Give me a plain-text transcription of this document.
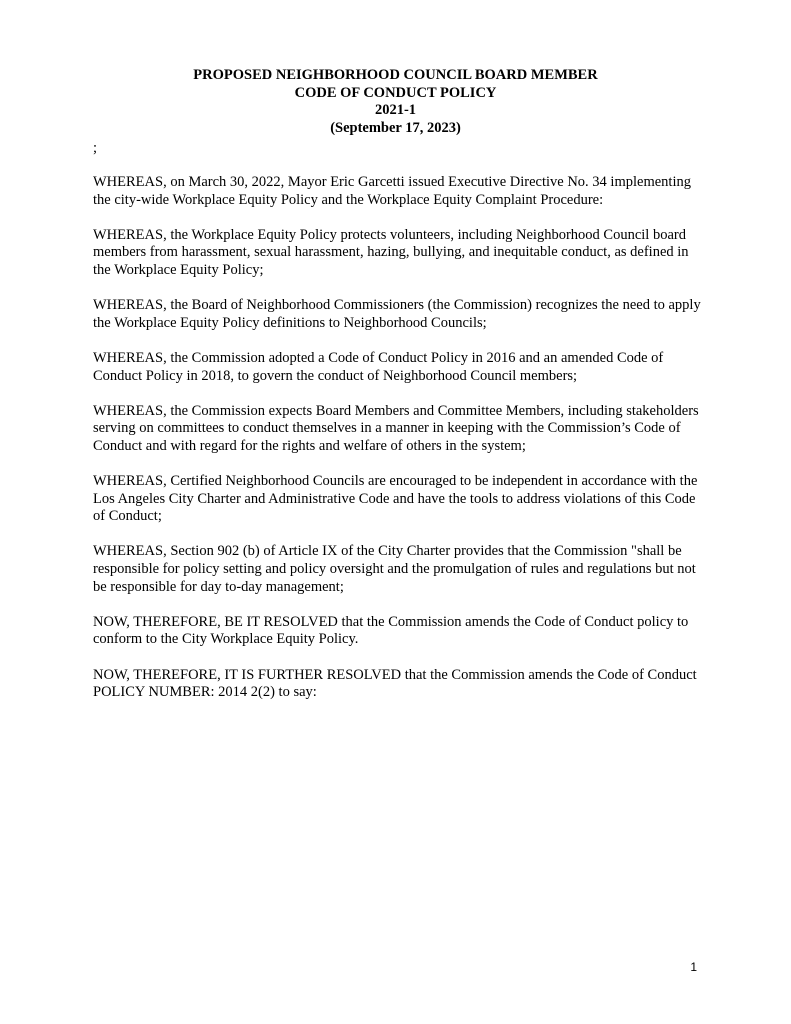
PROPOSED NEIGHBORHOOD COUNCIL BOARD MEMBER
CODE OF CONDUCT POLICY
2021-1
(September 17, 2023)
;

WHEREAS, on March 30, 2022, Mayor Eric Garcetti issued Executive Directive No. 34 implementing the city-wide Workplace Equity Policy and the Workplace Equity Complaint Procedure:

WHEREAS, the Workplace Equity Policy protects volunteers, including Neighborhood Council board members from harassment, sexual harassment, hazing, bullying, and inequitable conduct, as defined in the Workplace Equity Policy;

WHEREAS, the Board of Neighborhood Commissioners (the Commission) recognizes the need to apply the Workplace Equity Policy definitions to Neighborhood Councils;

WHEREAS, the Commission adopted a Code of Conduct Policy in 2016 and an amended Code of Conduct Policy in 2018, to govern the conduct of Neighborhood Council members;

WHEREAS, the Commission expects Board Members and Committee Members, including stakeholders serving on committees to conduct themselves in a manner in keeping with the Commission’s Code of Conduct and with regard for the rights and welfare of others in the system;

WHEREAS, Certified Neighborhood Councils are encouraged to be independent in accordance with the Los Angeles City Charter and Administrative Code and have the tools to address violations of this Code of Conduct;

WHEREAS, Section 902 (b) of Article IX of the City Charter provides that the Commission "shall be responsible for policy setting and policy oversight and the promulgation of rules and regulations but not be responsible for day to-day management;

NOW, THEREFORE, BE IT RESOLVED that the Commission amends the Code of Conduct policy to conform to the City Workplace Equity Policy.

NOW, THEREFORE, IT IS FURTHER RESOLVED that the Commission amends the Code of Conduct POLICY NUMBER: 2014 2(2) to say:

1
